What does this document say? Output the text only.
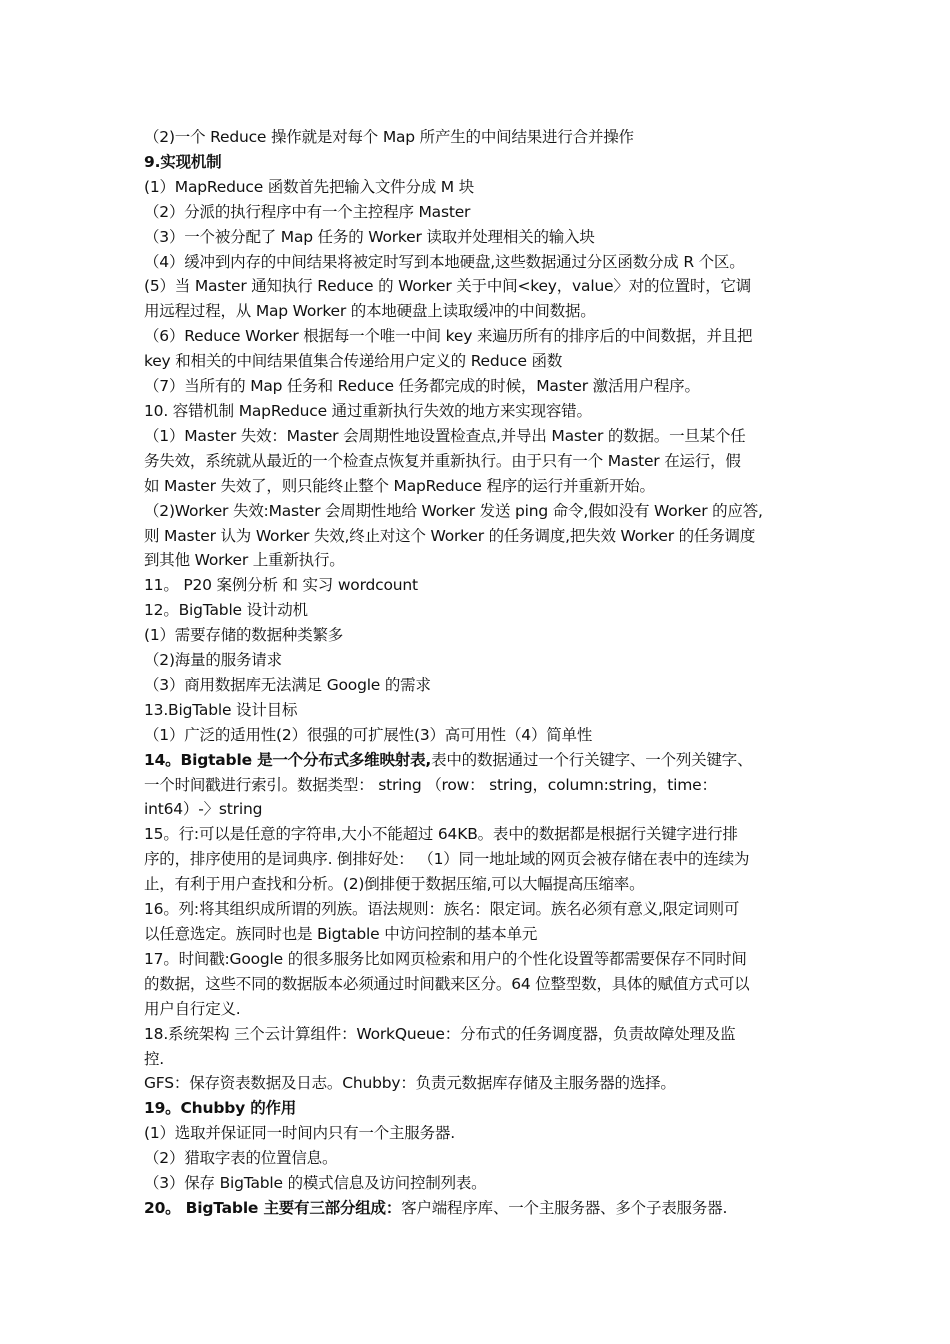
（2)一个 Reduce 操作就是对每个 Map 所产生的中间结果进行合并操作

9.实现机制

(1）MapReduce 函数首先把输入文件分成 M 块

（2）分派的执行程序中有一个主控程序 Master

（3）一个被分配了 Map 任务的 Worker 读取并处理相关的输入块

（4）缓冲到内存的中间结果将被定时写到本地硬盘,这些数据通过分区函数分成 R 个区。

(5）当 Master 通知执行 Reduce 的 Worker 关于中间<key，value〉对的位置时，它调

用远程过程，从 Map Worker 的本地硬盘上读取缓冲的中间数据。

（6）Reduce Worker 根据每一个唯一中间 key 来遍历所有的排序后的中间数据，并且把

key 和相关的中间结果值集合传递给用户定义的 Reduce 函数

（7）当所有的 Map 任务和 Reduce 任务都完成的时候，Master 激活用户程序。

10. 容错机制 MapReduce 通过重新执行失效的地方来实现容错。

（1）Master 失效：Master 会周期性地设置检查点,并导出 Master 的数据。一旦某个任

务失效，系统就从最近的一个检查点恢复并重新执行。由于只有一个 Master 在运行，假

如 Master 失效了，则只能终止整个 MapReduce 程序的运行并重新开始。

（2)Worker 失效:Master 会周期性地给 Worker 发送 ping 命令,假如没有 Worker 的应答,

则 Master 认为 Worker 失效,终止对这个 Worker 的任务调度,把失效 Worker 的任务调度

到其他 Worker 上重新执行。

11。 P20 案例分析 和 实习 wordcount

12。BigTable 设计动机

(1）需要存储的数据种类繁多

（2)海量的服务请求

（3）商用数据库无法满足 Google 的需求

13.BigTable 设计目标

（1）广泛的适用性(2）很强的可扩展性(3）高可用性（4）简单性

14。Bigtable 是一个分布式多维映射表,表中的数据通过一个行关键字、一个列关键字、

一个时间戳进行索引。数据类型： string （row： string，column:string，time：

int64）-〉string

15。行:可以是任意的字符串,大小不能超过 64KB。表中的数据都是根据行关键字进行排

序的，排序使用的是词典序. 倒排好处： （1）同一地址域的网页会被存储在表中的连续为

止，有利于用户查找和分析。(2)倒排便于数据压缩,可以大幅提高压缩率。

16。列:将其组织成所谓的列族。语法规则：族名：限定词。族名必须有意义,限定词则可

以任意选定。族同时也是 Bigtable 中访问控制的基本单元

17。时间戳:Google 的很多服务比如网页检索和用户的个性化设置等都需要保存不同时间

的数据，这些不同的数据版本必须通过时间戳来区分。64 位整型数，具体的赋值方式可以

用户自行定义.

18.系统架构 三个云计算组件：WorkQueue：分布式的任务调度器，负责故障处理及监

控.

GFS：保存资表数据及日志。Chubby：负责元数据库存储及主服务器的选择。

19。Chubby 的作用

(1）选取并保证同一时间内只有一个主服务器.

（2）猎取字表的位置信息。

（3）保存 BigTable 的模式信息及访问控制列表。

20。 BigTable 主要有三部分组成：客户端程序库、一个主服务器、多个子表服务器.
